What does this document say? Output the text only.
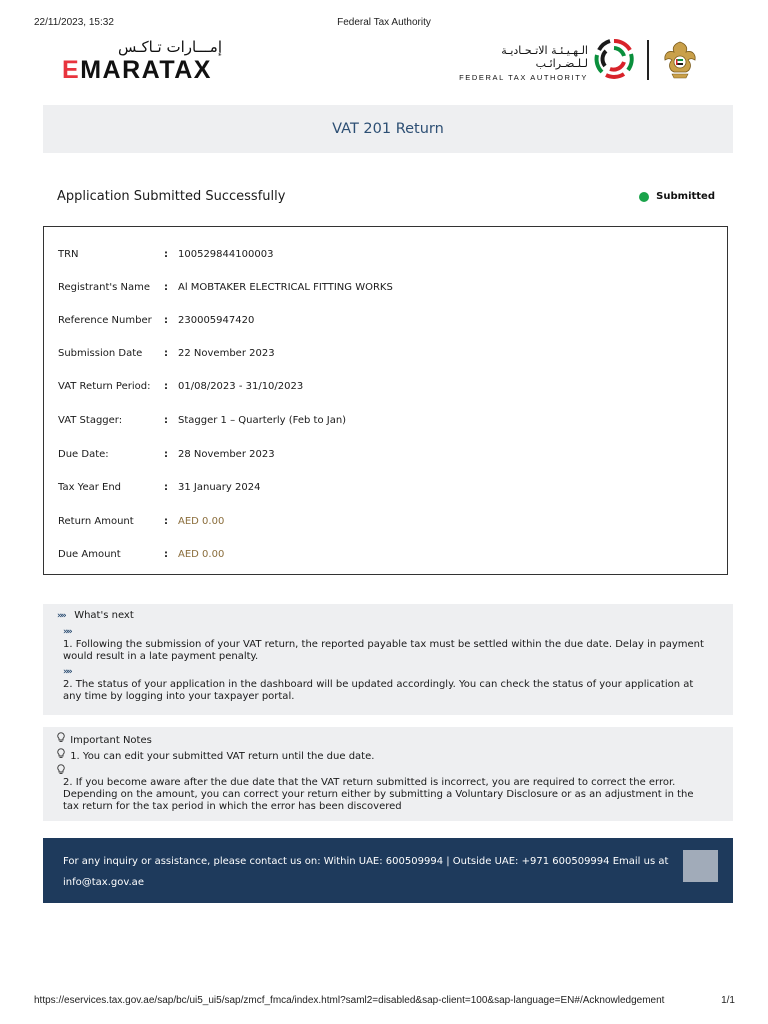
22/11/2023, 15:32	Federal Tax Authority
إمـــارات تـاكـس
EMARATAX
الـهـيـئـة الاتـحـاديـة لـلـضـرائـب
FEDERAL TAX AUTHORITY
VAT 201 Return
Application Submitted Successfully	Submitted
TRN	: 100529844100003
Registrant's Name	: Al MOBTAKER ELECTRICAL FITTING WORKS
Reference Number	: 230005947420
Submission Date	: 22 November 2023
VAT Return Period:	: 01/08/2023 - 31/10/2023
VAT Stagger:	: Stagger 1 – Quarterly (Feb to Jan)
Due Date:	: 28 November 2023
Tax Year End	: 31 January 2024
Return Amount	: AED 0.00
Due Amount	: AED 0.00
»» What's next
»»
1. Following the submission of your VAT return, the reported payable tax must be settled within the due date. Delay in payment would result in a late payment penalty.
»»
2. The status of your application in the dashboard will be updated accordingly. You can check the status of your application at any time by logging into your taxpayer portal.
Important Notes
1. You can edit your submitted VAT return until the due date.
2. If you become aware after the due date that the VAT return submitted is incorrect, you are required to correct the error. Depending on the amount, you can correct your return either by submitting a Voluntary Disclosure or as an adjustment in the tax return for the tax period in which the error has been discovered
For any inquiry or assistance, please contact us on: Within UAE: 600509994 | Outside UAE: +971 600509994 Email us at info@tax.gov.ae
https://eservices.tax.gov.ae/sap/bc/ui5_ui5/sap/zmcf_fmca/index.html?saml2=disabled&sap-client=100&sap-language=EN#/Acknowledgement	1/1
